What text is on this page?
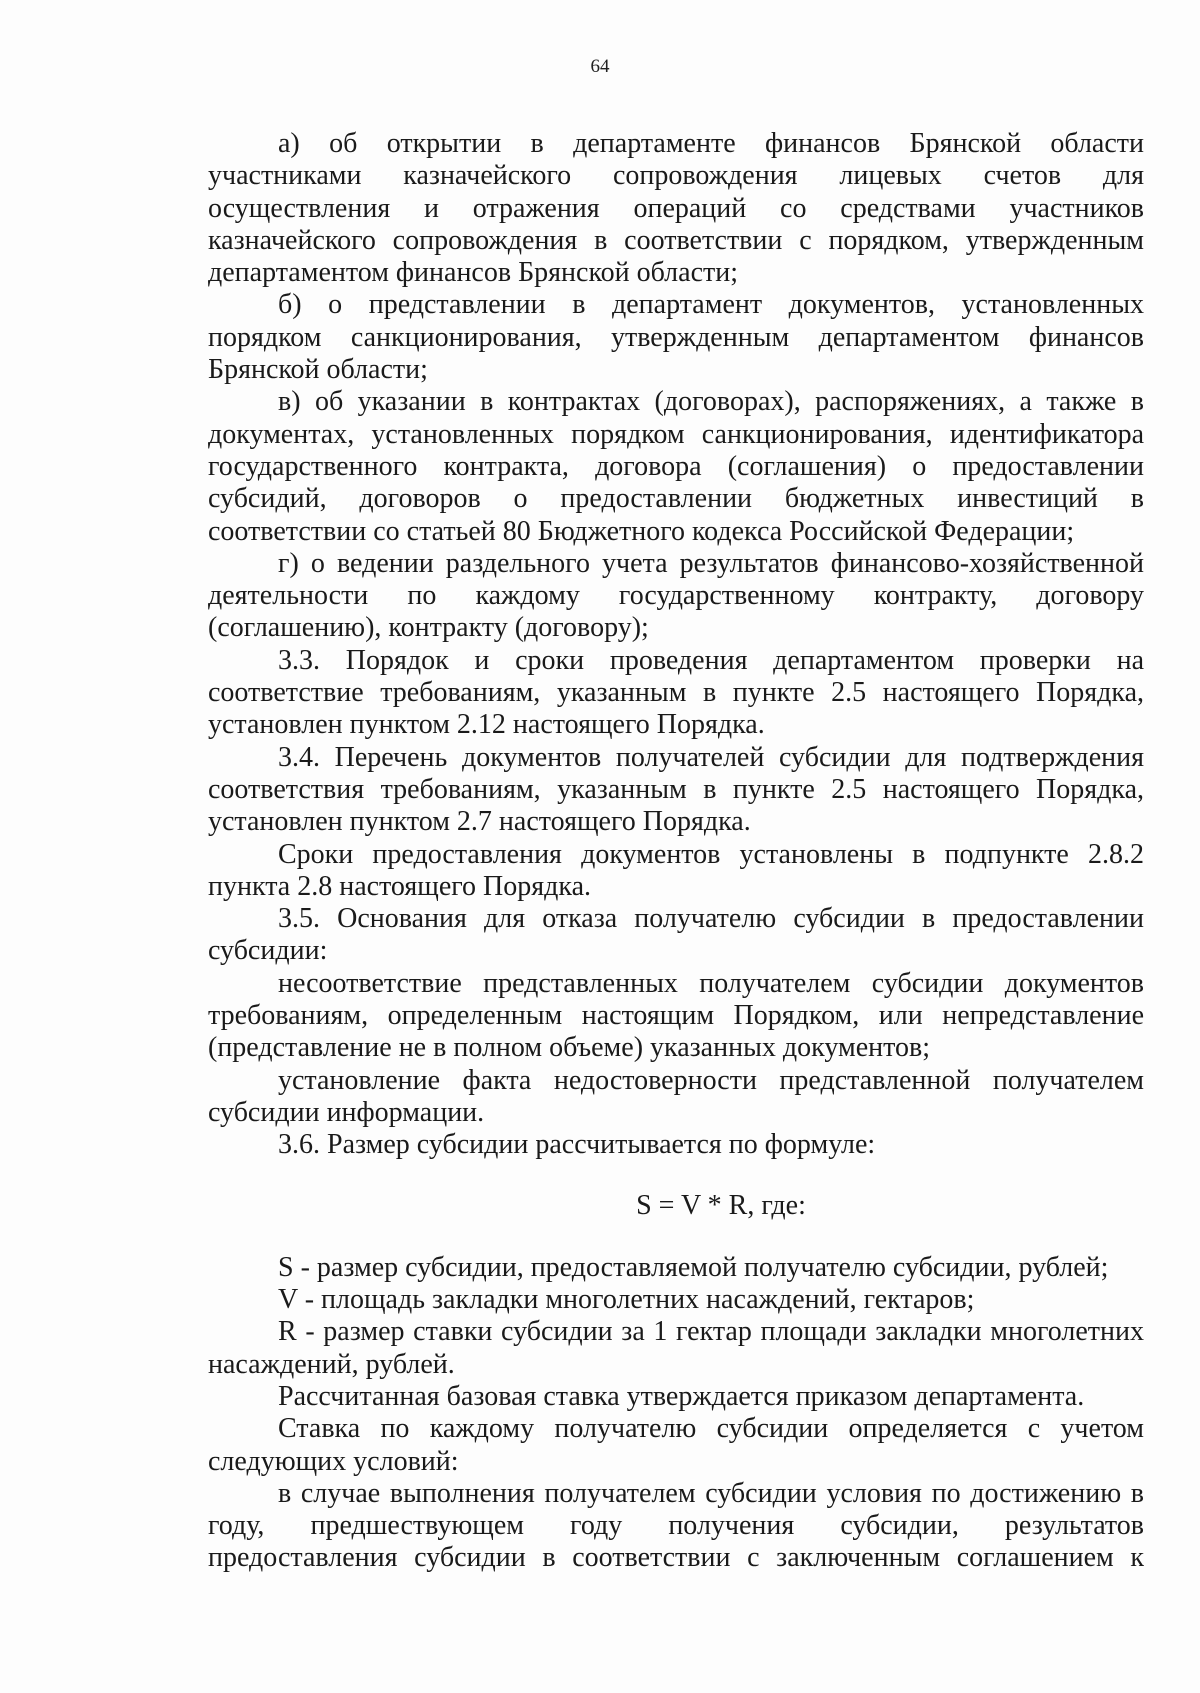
64

а) об открытии в департаменте финансов Брянской области участниками казначейского сопровождения лицевых счетов для осуществления и отражения операций со средствами участников казначейского сопровождения в соответствии с порядком, утвержденным департаментом финансов Брянской области;

б) о представлении в департамент документов, установленных порядком санкционирования, утвержденным департаментом финансов Брянской области;

в) об указании в контрактах (договорах), распоряжениях, а также в документах, установленных порядком санкционирования, идентификатора государственного контракта, договора (соглашения) о предоставлении субсидий, договоров о предоставлении бюджетных инвестиций в соответствии со статьей 80 Бюджетного кодекса Российской Федерации;

г) о ведении раздельного учета результатов финансово-хозяйственной деятельности по каждому государственному контракту, договору (соглашению), контракту (договору);

3.3. Порядок и сроки проведения департаментом проверки на соответствие требованиям, указанным в пункте 2.5 настоящего Порядка, установлен пунктом 2.12 настоящего Порядка.

3.4. Перечень документов получателей субсидии для подтверждения соответствия требованиям, указанным в пункте 2.5 настоящего Порядка, установлен пунктом 2.7 настоящего Порядка.

Сроки предоставления документов установлены в подпункте 2.8.2 пункта 2.8 настоящего Порядка.

3.5. Основания для отказа получателю субсидии в предоставлении субсидии:

несоответствие представленных получателем субсидии документов требованиям, определенным настоящим Порядком, или непредставление (представление не в полном объеме) указанных документов;

установление факта недостоверности представленной получателем субсидии информации.

3.6. Размер субсидии рассчитывается по формуле:

S = V * R, где:

S - размер субсидии, предоставляемой получателю субсидии, рублей;

V - площадь закладки многолетних насаждений, гектаров;

R - размер ставки субсидии за 1 гектар площади закладки многолетних насаждений, рублей.

Рассчитанная базовая ставка утверждается приказом департамента.

Ставка по каждому получателю субсидии определяется с учетом следующих условий:

в случае выполнения получателем субсидии условия по достижению в году, предшествующем году получения субсидии, результатов предоставления субсидии в соответствии с заключенным соглашением к
